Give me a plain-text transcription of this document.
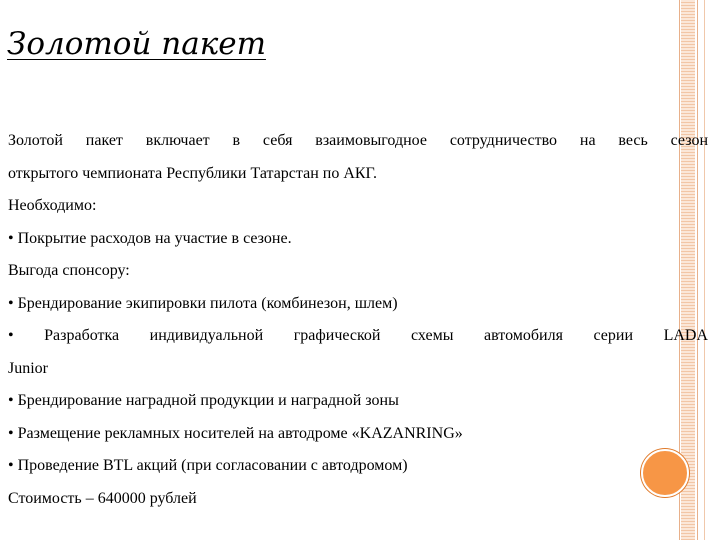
Золотой пакет
Золотой пакет включает в себя взаимовыгодное сотрудничество на весь сезон
открытого чемпионата Республики Татарстан по АКГ.
Необходимо:
• Покрытие расходов на участие в сезоне.
Выгода спонсору:
• Брендирование экипировки пилота (комбинезон, шлем)
• Разработка индивидуальной графической схемы автомобиля серии LADA
Junior
• Брендирование наградной продукции и наградной зоны
• Размещение рекламных носителей на автодроме «KAZANRING»
• Проведение BTL акций (при согласовании с автодромом)
Стоимость – 640000 рублей
